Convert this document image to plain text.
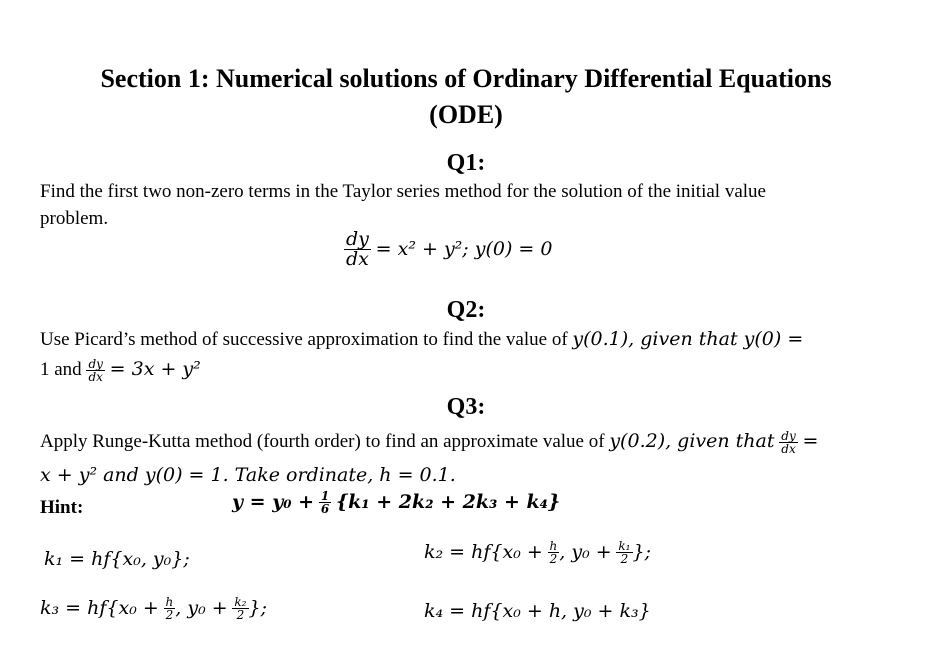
Section 1: Numerical solutions of Ordinary Differential Equations
(ODE)
Q1:
Find the first two non-zero terms in the Taylor series method for the solution of the initial value
problem.
$\frac{dy}{dx} = x^2 + y^2$; y(0) = 0
Q2:
Use Picard’s method of successive approximation to find the value of y(0.1), given that y(0) =
1 and $\frac{dy}{dx} = 3x + y^2$
Q3:
Apply Runge-Kutta method (fourth order) to find an approximate value of y(0.2), given that $\frac{dy}{dx}$ =
x + y² and y(0) = 1. Take ordinate, h = 0.1.
Hint:	$y = y_0 + \frac{1}{6} \{k_1 + 2k_2 + 2k_3 + k_4\}$
k₁ = hf{x₀, y₀};	$k_2 = hf\{x_0 + \frac{h}{2}$ , $y_0 + \frac{\text{k₁}}{2}$ };
$k_3 = hf\{x_0 + \frac{h}{2}$ , $y_0 + \frac{\text{k₂}}{2}$ };	k₄ = hf{x₀ + h, y₀ + k₃}
